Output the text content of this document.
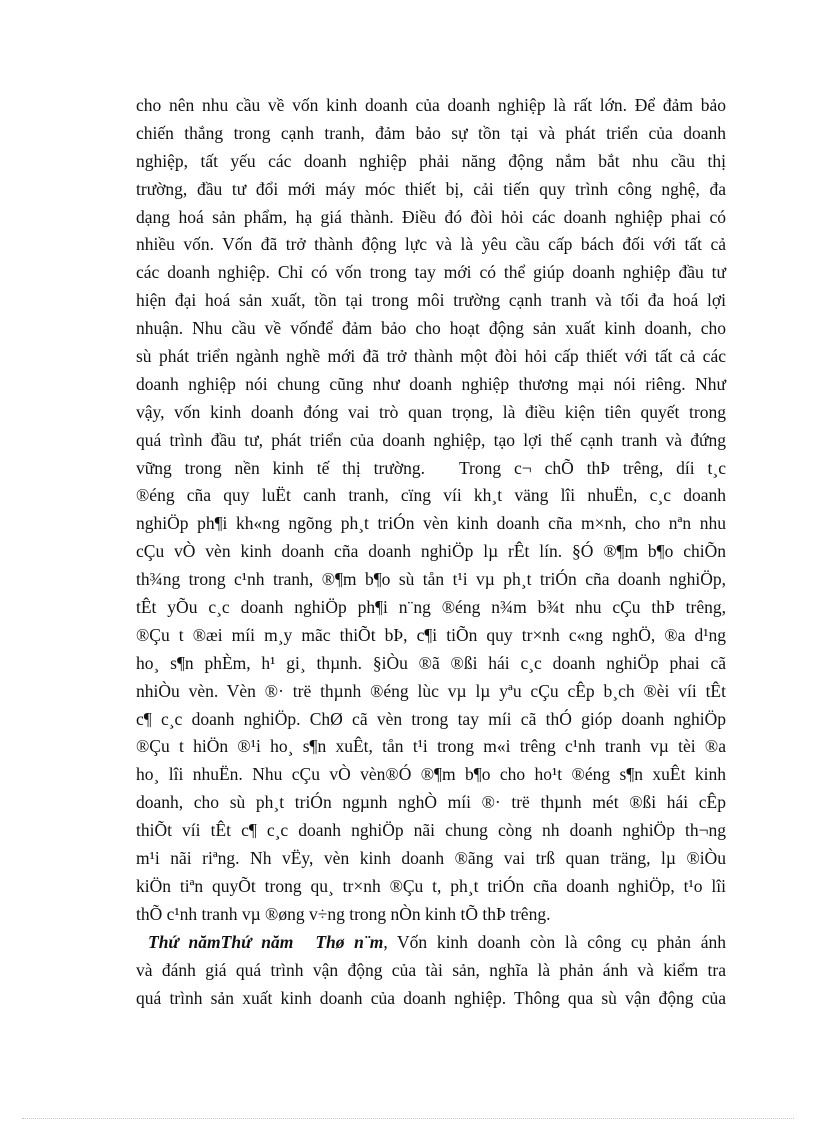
cho nên nhu cầu về vốn kinh doanh của doanh nghiệp là rất lớn. Để đảm bảo
chiến thắng trong cạnh tranh, đảm bảo sự tồn tại và phát triển của doanh
nghiệp, tất yếu các doanh nghiệp phải năng động nắm bắt nhu cầu thị
trường, đầu tư đổi mới máy móc thiết bị, cải tiến quy trình công nghệ, đa
dạng hoá sản phẩm, hạ giá thành. Điều đó đòi hỏi các doanh nghiệp phai có
nhiều vốn. Vốn đã trở thành động lực và là yêu cầu cấp bách đối với tất cả
các doanh nghiệp. Chỉ có vốn trong tay mới có thể giúp doanh nghiệp đầu tư
hiện đại hoá sản xuất, tồn tại trong môi trường cạnh tranh và tối đa hoá lợi
nhuận. Nhu cầu về vốnđể đảm bảo cho hoạt động sản xuất kinh doanh, cho
sù phát triển ngành nghề mới đã trở thành một đòi hỏi cấp thiết với tất cả các
doanh nghiệp nói chung cũng như doanh nghiệp thương mại nói riêng. Như
vậy, vốn kinh doanh đóng vai trò quan trọng, là điều kiện tiên quyết trong
quá trình đầu tư, phát triển của doanh nghiệp, tạo lợi thế cạnh tranh và đứng
vững trong nền kinh tế thị trường. Trong c¬ chÕ thÞ trêng, díi t¸c
®éng cña quy luËt canh tranh, cïng víi kh¸t väng lîi nhuËn, c¸c doanh
nghiÖp ph¶i kh«ng ngõng ph¸t triÓn vèn kinh doanh cña m×nh, cho nªn nhu
cÇu vÒ vèn kinh doanh cña doanh nghiÖp lµ rÊt lín. §Ó ®¶m b¶o chiÕn
th¾ng trong c¹nh tranh, ®¶m b¶o sù tån t¹i vµ ph¸t triÓn cña doanh nghiÖp,
tÊt yÕu c¸c doanh nghiÖp ph¶i n¨ng ®éng n¾m b¾t nhu cÇu thÞ trêng,
®Çu t ®æi míi m¸y mãc thiÕt bÞ, c¶i tiÕn quy tr×nh c«ng nghÖ, ®a d¹ng
ho¸ s¶n phÈm, h¹ gi¸ thµnh. §iÒu ®ã ®ßi hái c¸c doanh nghiÖp phai cã
nhiÒu vèn. Vèn ®· trë thµnh ®éng lùc vµ lµ yªu cÇu cÊp b¸ch ®èi víi tÊt
c¶ c¸c doanh nghiÖp. ChØ cã vèn trong tay míi cã thÓ gióp doanh nghiÖp
®Çu t hiÖn ®¹i ho¸ s¶n xuÊt, tån t¹i trong m«i trêng c¹nh tranh vµ tèi ®a
ho¸ lîi nhuËn. Nhu cÇu vÒ vèn®Ó ®¶m b¶o cho ho¹t ®éng s¶n xuÊt kinh
doanh, cho sù ph¸t triÓn ngµnh nghÒ míi ®· trë thµnh mét ®ßi hái cÊp
thiÕt víi tÊt c¶ c¸c doanh nghiÖp nãi chung còng nh doanh nghiÖp th¬ng
m¹i nãi riªng. Nh vËy, vèn kinh doanh ®ãng vai trß quan träng, lµ ®iÒu
kiÖn tiªn quyÕt trong qu¸ tr×nh ®Çu t, ph¸t triÓn cña doanh nghiÖp, t¹o lîi
thÕ c¹nh tranh vµ ®øng v÷ng trong nÒn kinh tÕ thÞ trêng.
Thứ nămThứ năm Thø n¨m, Vốn kinh doanh còn là công cụ phản ánh
và đánh giá quá trình vận động của tài sản, nghĩa là phản ánh và kiểm tra
quá trình sản xuất kinh doanh của doanh nghiệp. Thông qua sù vận động của
